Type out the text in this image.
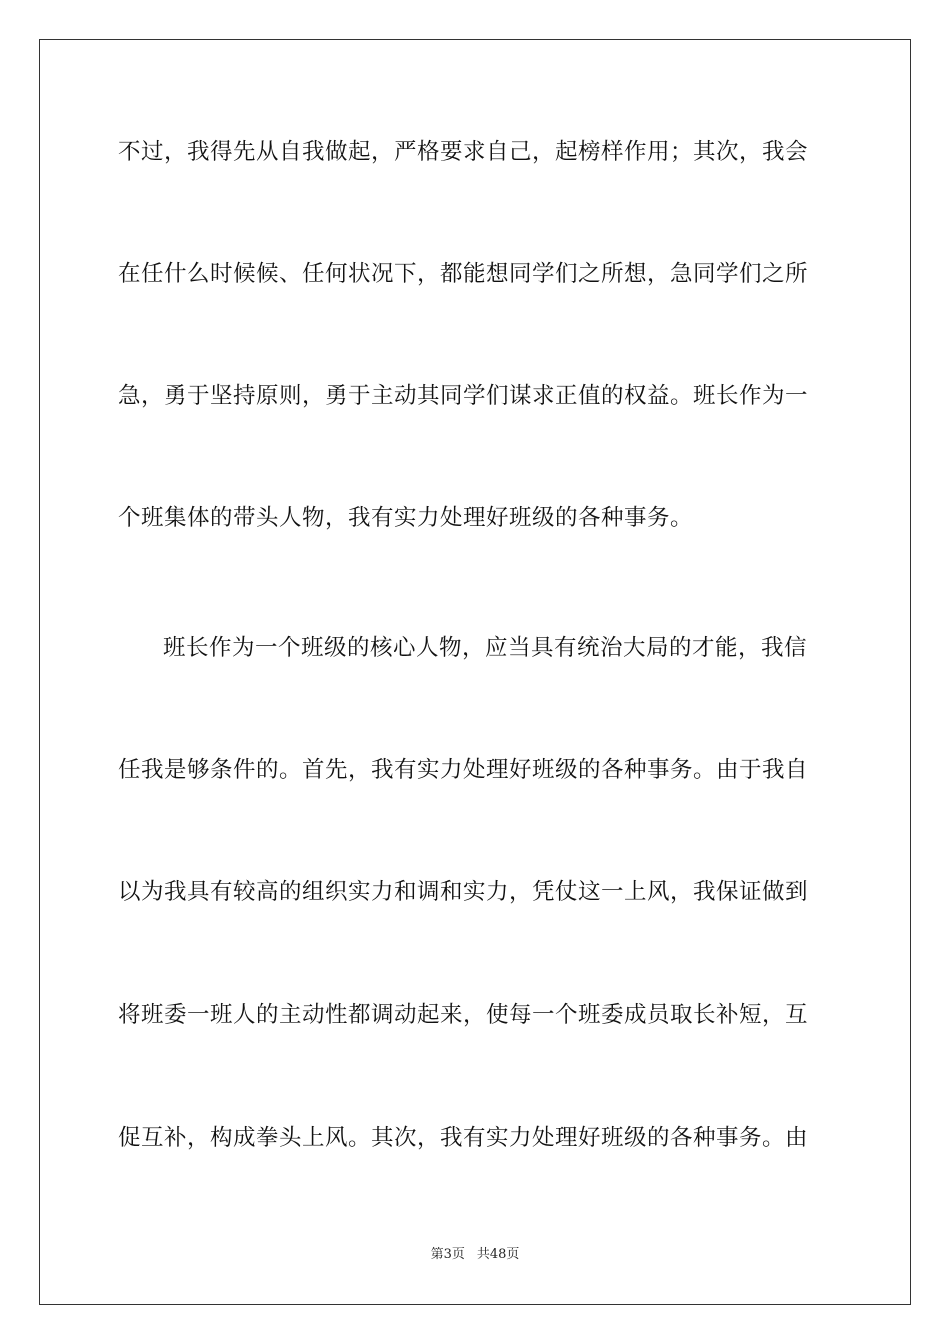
不过，我得先从自我做起，严格要求自己，起榜样作用；其次，我会
在任什么时候候、任何状况下，都能想同学们之所想，急同学们之所
急，勇于坚持原则，勇于主动其同学们谋求正值的权益。班长作为一
个班集体的带头人物，我有实力处理好班级的各种事务。
班长作为一个班级的核心人物，应当具有统治大局的才能，我信
任我是够条件的。首先，我有实力处理好班级的各种事务。由于我自
以为我具有较高的组织实力和调和实力，凭仗这一上风，我保证做到
将班委一班人的主动性都调动起来，使每一个班委成员取长补短，互
促互补，构成拳头上风。其次，我有实力处理好班级的各种事务。由
第3页 共48页
